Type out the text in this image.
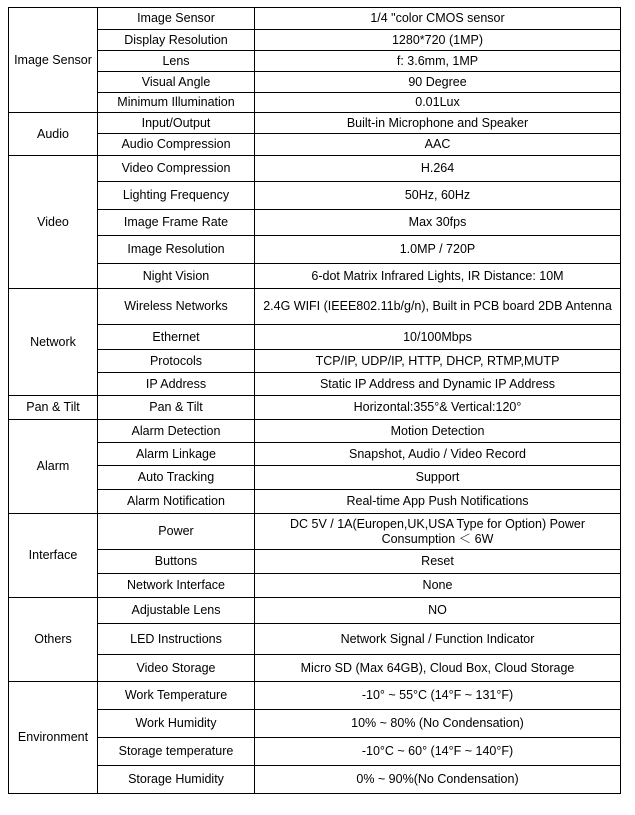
Image Sensor	Image Sensor	1/4 "color CMOS sensor
	Display Resolution	1280*720 (1MP)
	Lens	f: 3.6mm, 1MP
	Visual Angle	90 Degree
	Minimum Illumination	0.01Lux
Audio	Input/Output	Built-in Microphone and Speaker
	Audio Compression	AAC
Video	Video Compression	H.264
	Lighting Frequency	50Hz, 60Hz
	Image Frame Rate	Max 30fps
	Image Resolution	1.0MP / 720P
	Night Vision	6-dot Matrix Infrared Lights, IR Distance: 10M
Network	Wireless Networks	2.4G WIFI (IEEE802.11b/g/n), Built in PCB board 2DB Antenna
	Ethernet	10/100Mbps
	Protocols	TCP/IP, UDP/IP, HTTP, DHCP, RTMP,MUTP
	IP Address	Static IP Address and Dynamic IP Address
Pan & Tilt	Pan & Tilt	Horizontal:355°& Vertical:120°
Alarm	Alarm Detection	Motion Detection
	Alarm Linkage	Snapshot, Audio / Video Record
	Auto Tracking	Support
	Alarm Notification	Real-time App Push Notifications
Interface	Power	DC 5V / 1A(Europen,UK,USA Type for Option) Power Consumption ＜ 6W
	Buttons	Reset
	Network Interface	None
Others	Adjustable Lens	NO
	LED Instructions	Network Signal / Function Indicator
	Video Storage	Micro SD (Max 64GB), Cloud Box, Cloud Storage
Environment	Work Temperature	-10° ~ 55°C (14°F ~ 131°F)
	Work Humidity	10% ~ 80% (No Condensation)
	Storage temperature	-10°C ~ 60° (14°F ~ 140°F)
	Storage Humidity	0% ~ 90%(No Condensation)
